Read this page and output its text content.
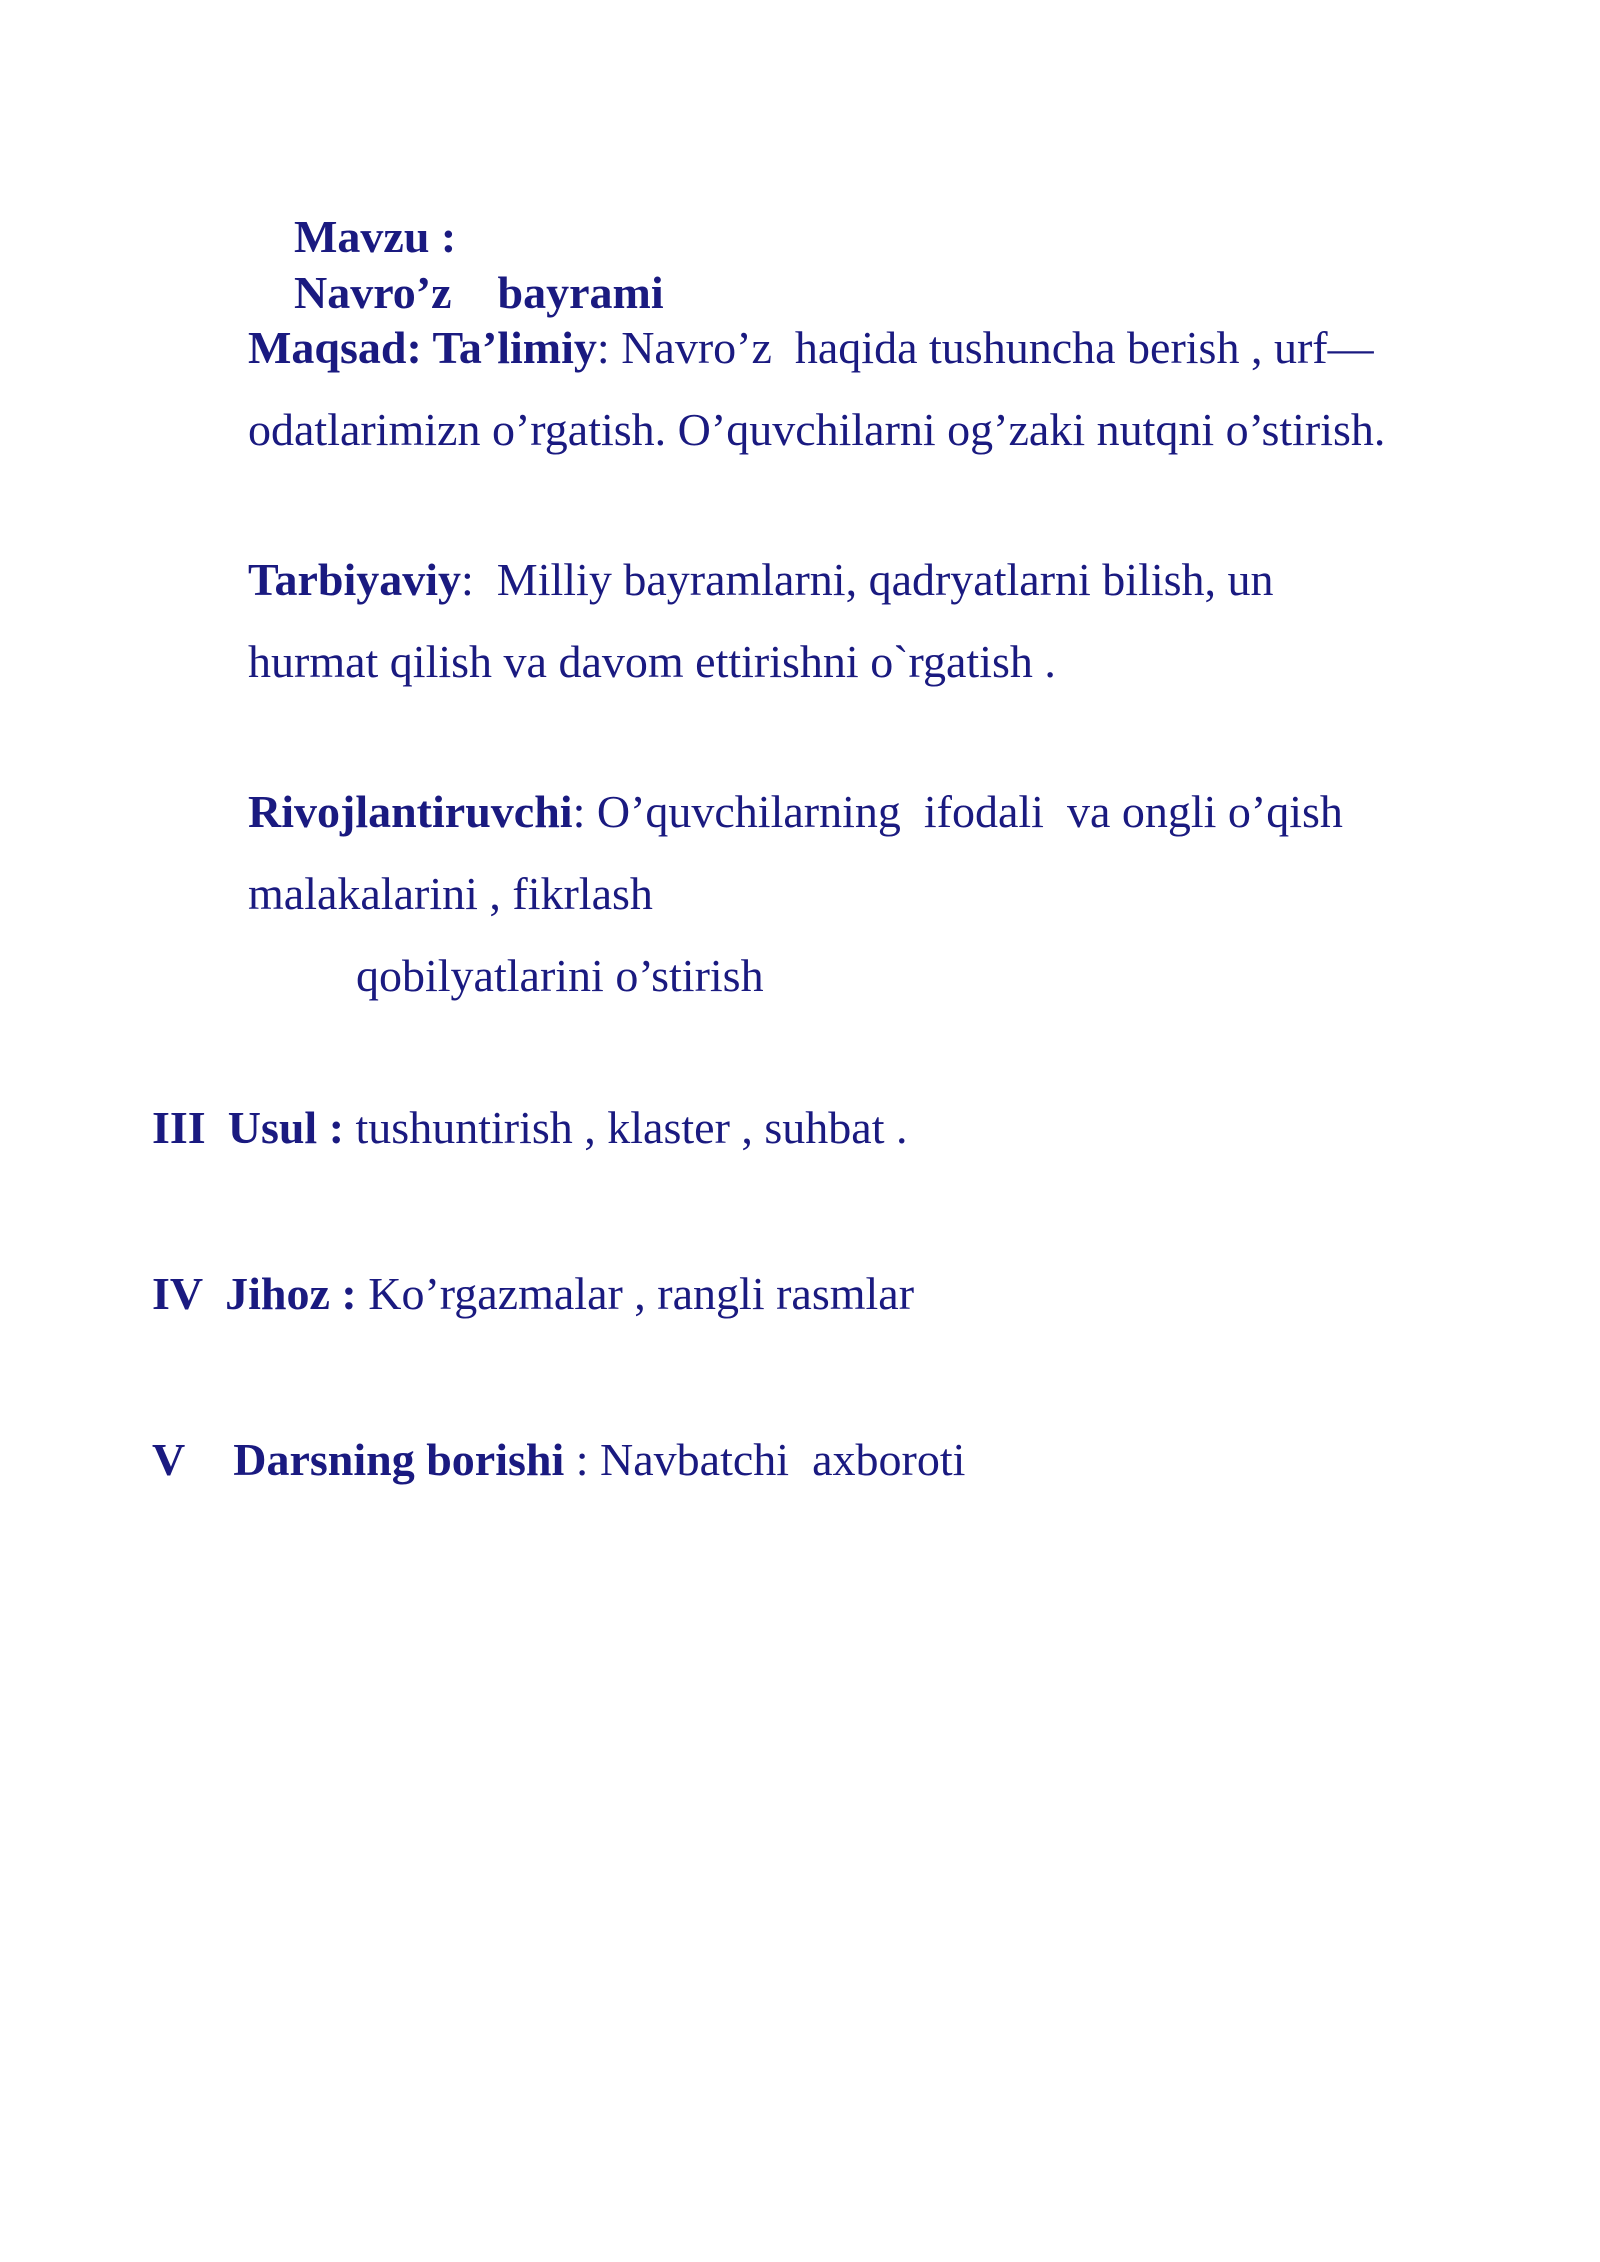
Mavzu :
Navro’z    bayrami

Maqsad: Ta’limiy: Navro’z  haqida tushuncha berish , urf—
odatlarimizn o’rgatish. O’quvchilarni og’zaki nutqni o’stirish.
Tarbiyaviy:  Milliy bayramlarni, qadryatlarni bilish, un
hurmat qilish va davom ettirishni o`rgatish .
Rivojlantiruvchi: O’quvchilarning  ifodali  va ongli o’qish
malakalarini , fikrlash
qobilyatlarini o’stirish
III Usul : tushuntirish , klaster , suhbat .
IV Jihoz : Ko’rgazmalar , rangli rasmlar
V Darsning borishi : Navbatchi  axboroti
